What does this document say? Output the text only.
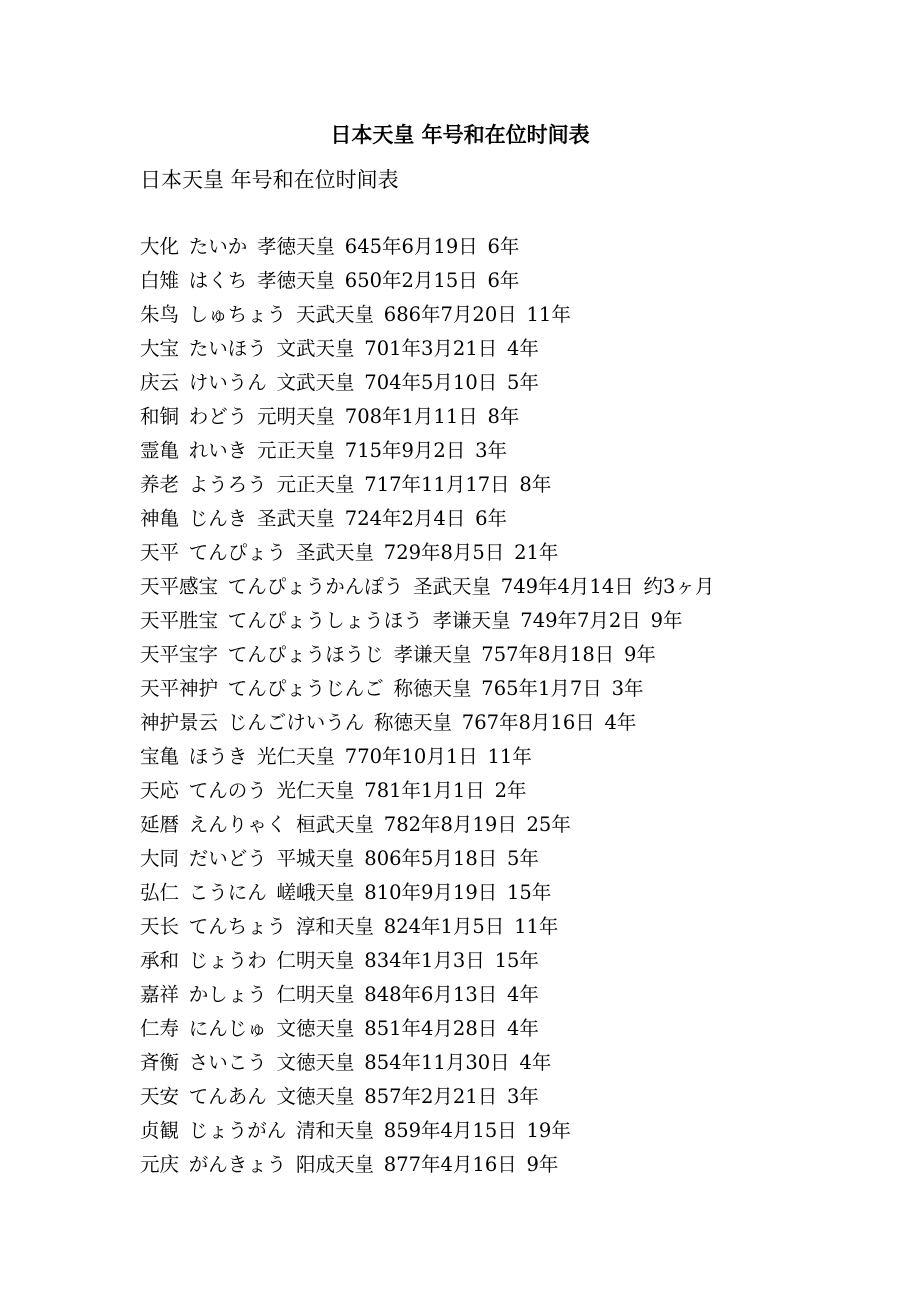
日本天皇 年号和在位时间表

日本天皇 年号和在位时间表

大化 たいか 孝徳天皇 645年6月19日 6年
白雉 はくち 孝徳天皇 650年2月15日 6年
朱鸟 しゅちょう 天武天皇 686年7月20日 11年
大宝 たいほう 文武天皇 701年3月21日 4年
庆云 けいうん 文武天皇 704年5月10日 5年
和铜 わどう 元明天皇 708年1月11日 8年
霊亀 れいき 元正天皇 715年9月2日 3年
养老 ようろう 元正天皇 717年11月17日 8年
神亀 じんき 圣武天皇 724年2月4日 6年
天平 てんぴょう 圣武天皇 729年8月5日 21年
天平感宝 てんぴょうかんぽう 圣武天皇 749年4月14日 约3ヶ月
天平胜宝 てんぴょうしょうほう 孝谦天皇 749年7月2日 9年
天平宝字 てんぴょうほうじ 孝谦天皇 757年8月18日 9年
天平神护 てんぴょうじんご 称徳天皇 765年1月7日 3年
神护景云 じんごけいうん 称徳天皇 767年8月16日 4年
宝亀 ほうき 光仁天皇 770年10月1日 11年
天応 てんのう 光仁天皇 781年1月1日 2年
延暦 えんりゃく 桓武天皇 782年8月19日 25年
大同 だいどう 平城天皇 806年5月18日 5年
弘仁 こうにん 嵯峨天皇 810年9月19日 15年
天长 てんちょう 淳和天皇 824年1月5日 11年
承和 じょうわ 仁明天皇 834年1月3日 15年
嘉祥 かしょう 仁明天皇 848年6月13日 4年
仁寿 にんじゅ 文徳天皇 851年4月28日 4年
斉衡 さいこう 文徳天皇 854年11月30日 4年
天安 てんあん 文徳天皇 857年2月21日 3年
贞観 じょうがん 清和天皇 859年4月15日 19年
元庆 がんきょう 阳成天皇 877年4月16日 9年
